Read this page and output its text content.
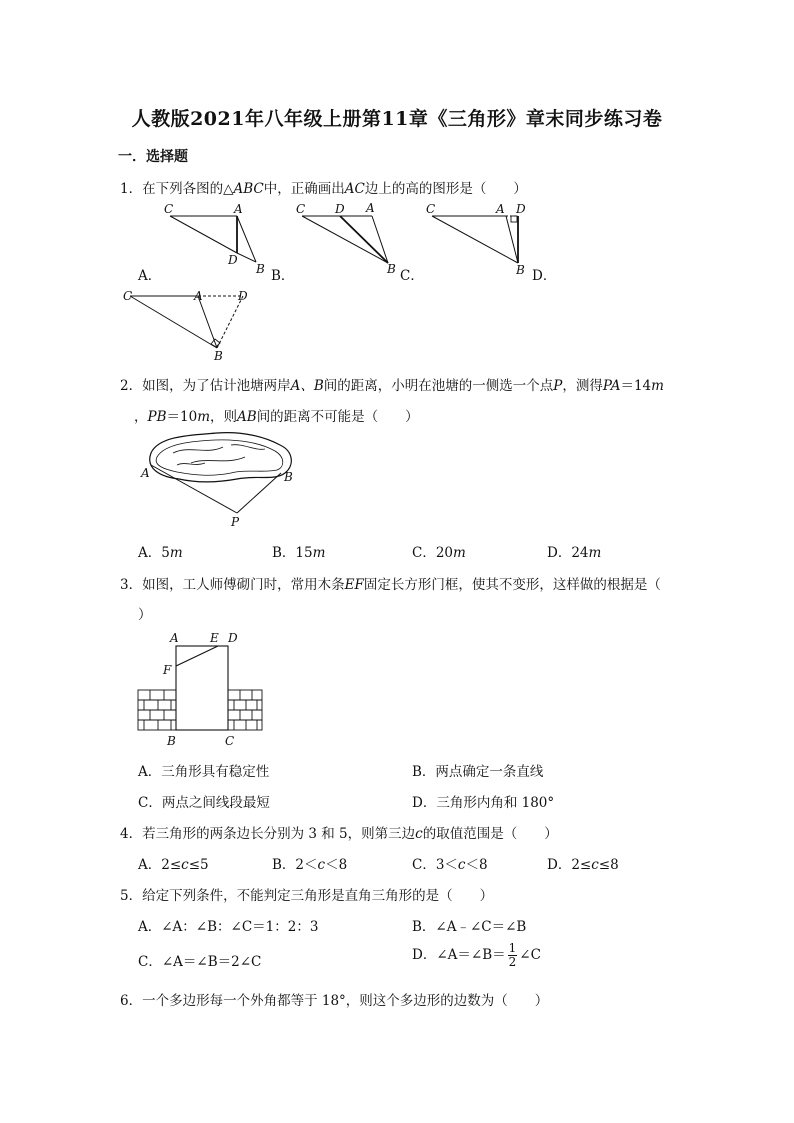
人教版2021年八年级上册第11章《三角形》章末同步练习卷
一．选择题
1．在下列各图的△ABC中，正确画出AC边上的高的图形是（　　）
C	A
D
B
A．
C D A
B
B．
C	A D
B
C．	D．
C	A	D
B
2．如图，为了估计池塘两岸A、B间的距离，小明在池塘的一侧选一个点P，测得PA＝14m
，PB＝10m，则AB间的距离不可能是（　　）
A	B
P
A．5m	B．15m	C．20m	D．24m
3．如图，工人师傅砌门时，常用木条EF固定长方形门框，使其不变形，这样做的根据是（
）
A	E D
F
B	C
A．三角形具有稳定性	B．两点确定一条直线
C．两点之间线段最短	D．三角形内角和 180°
4．若三角形的两条边长分别为 3 和 5，则第三边c的取值范围是（　　）
A．2≤c≤5	B．2＜c＜8	C．3＜c＜8	D．2≤c≤8
5．给定下列条件，不能判定三角形是直角三角形的是（　　）
A．∠A：∠B：∠C＝1：2：3	B．∠A﹣∠C＝∠B
C．∠A＝∠B＝2∠C	D．∠A＝∠B＝ $\frac{1}{2}$ ∠C
6．一个多边形每一个外角都等于 18°，则这个多边形的边数为（　　）
